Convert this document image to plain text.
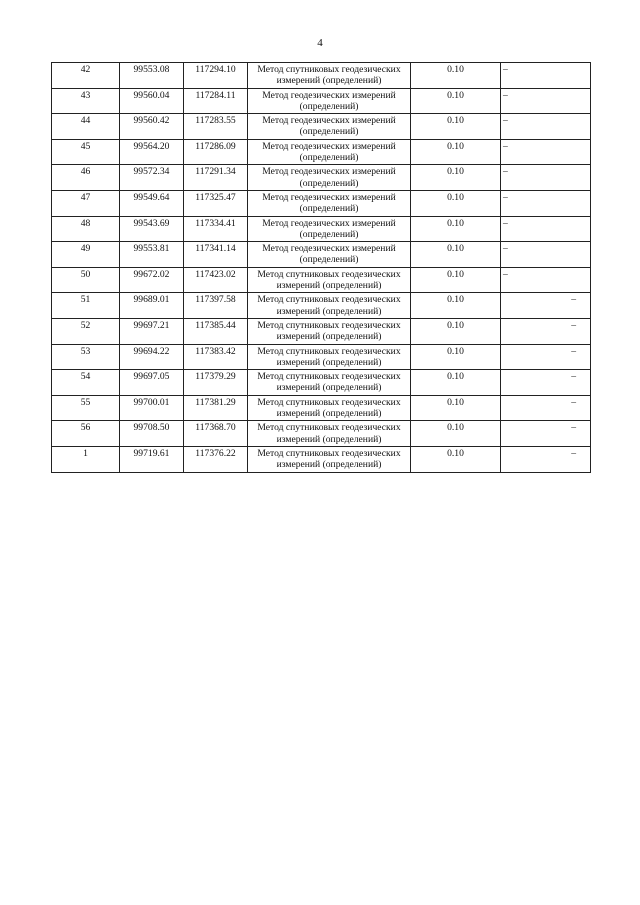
4
42	99553.08	117294.10	Метод спутниковых геодезических измерений (определений)	0.10	–
43	99560.04	117284.11	Метод геодезических измерений (определений)	0.10	–
44	99560.42	117283.55	Метод геодезических измерений (определений)	0.10	–
45	99564.20	117286.09	Метод геодезических измерений (определений)	0.10	–
46	99572.34	117291.34	Метод геодезических измерений (определений)	0.10	–
47	99549.64	117325.47	Метод геодезических измерений (определений)	0.10	–
48	99543.69	117334.41	Метод геодезических измерений (определений)	0.10	–
49	99553.81	117341.14	Метод геодезических измерений (определений)	0.10	–
50	99672.02	117423.02	Метод спутниковых геодезических измерений (определений)	0.10	–
51	99689.01	117397.58	Метод спутниковых геодезических измерений (определений)	0.10	–
52	99697.21	117385.44	Метод спутниковых геодезических измерений (определений)	0.10	–
53	99694.22	117383.42	Метод спутниковых геодезических измерений (определений)	0.10	–
54	99697.05	117379.29	Метод спутниковых геодезических измерений (определений)	0.10	–
55	99700.01	117381.29	Метод спутниковых геодезических измерений (определений)	0.10	–
56	99708.50	117368.70	Метод спутниковых геодезических измерений (определений)	0.10	–
1	99719.61	117376.22	Метод спутниковых геодезических измерений (определений)	0.10	–
